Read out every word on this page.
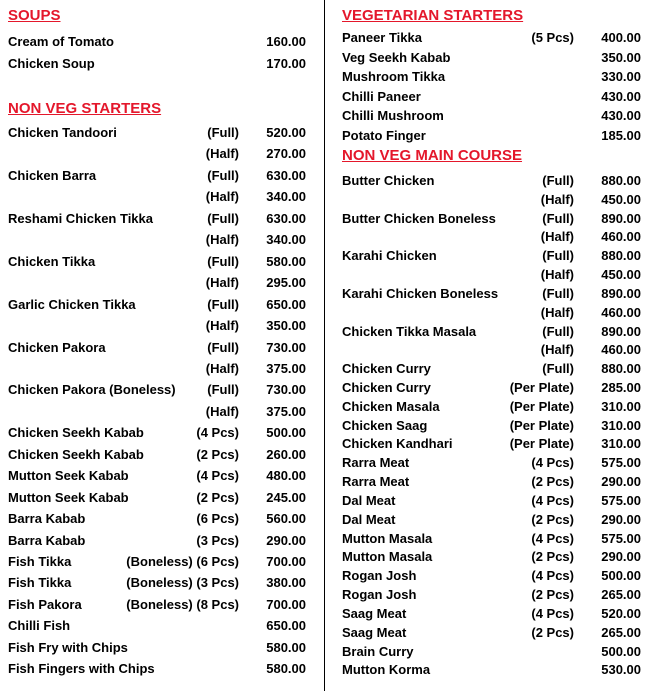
SOUPS
Cream of Tomato	160.00
Chicken Soup	170.00
NON VEG STARTERS
Chicken Tandoori	(Full) 520.00
(Half) 270.00
Chicken Barra	(Full) 630.00
(Half) 340.00
Reshami Chicken Tikka	(Full) 630.00
(Half) 340.00
Chicken Tikka	(Full) 580.00
(Half) 295.00
Garlic Chicken Tikka	(Full) 650.00
(Half) 350.00
Chicken Pakora	(Full) 730.00
(Half) 375.00
Chicken Pakora (Boneless) (Full) 730.00
(Half) 375.00
Chicken Seekh Kabab	(4 Pcs) 500.00
Chicken Seekh Kabab	(2 Pcs) 260.00
Mutton Seek Kabab	(4 Pcs) 480.00
Mutton Seek Kabab	(2 Pcs) 245.00
Barra Kabab	(6 Pcs) 560.00
Barra Kabab	(3 Pcs) 290.00
Fish Tikka	(Boneless) (6 Pcs) 700.00
Fish Tikka	(Boneless) (3 Pcs) 380.00
Fish Pakora	(Boneless) (8 Pcs) 700.00
Chilli Fish	650.00
Fish Fry with Chips	580.00
Fish Fingers with Chips	580.00
VEGETARIAN STARTERS
Paneer Tikka	(5 Pcs) 400.00
Veg Seekh Kabab	350.00
Mushroom Tikka	330.00
Chilli Paneer	430.00
Chilli Mushroom	430.00
Potato Finger	185.00
NON VEG MAIN COURSE
Butter Chicken	(Full) 880.00
(Half) 450.00
Butter Chicken Boneless	(Full) 890.00
(Half) 460.00
Karahi Chicken	(Full) 880.00
(Half) 450.00
Karahi Chicken Boneless	(Full) 890.00
(Half) 460.00
Chicken Tikka Masala	(Full) 890.00
(Half) 460.00
Chicken Curry	(Full) 880.00
Chicken Curry	(Per Plate) 285.00
Chicken Masala	(Per Plate) 310.00
Chicken Saag	(Per Plate) 310.00
Chicken Kandhari	(Per Plate) 310.00
Rarra Meat	(4 Pcs) 575.00
Rarra Meat	(2 Pcs) 290.00
Dal Meat	(4 Pcs) 575.00
Dal Meat	(2 Pcs) 290.00
Mutton Masala	(4 Pcs) 575.00
Mutton Masala	(2 Pcs) 290.00
Rogan Josh	(4 Pcs) 500.00
Rogan Josh	(2 Pcs) 265.00
Saag Meat	(4 Pcs) 520.00
Saag Meat	(2 Pcs) 265.00
Brain Curry	500.00
Mutton Korma	530.00
